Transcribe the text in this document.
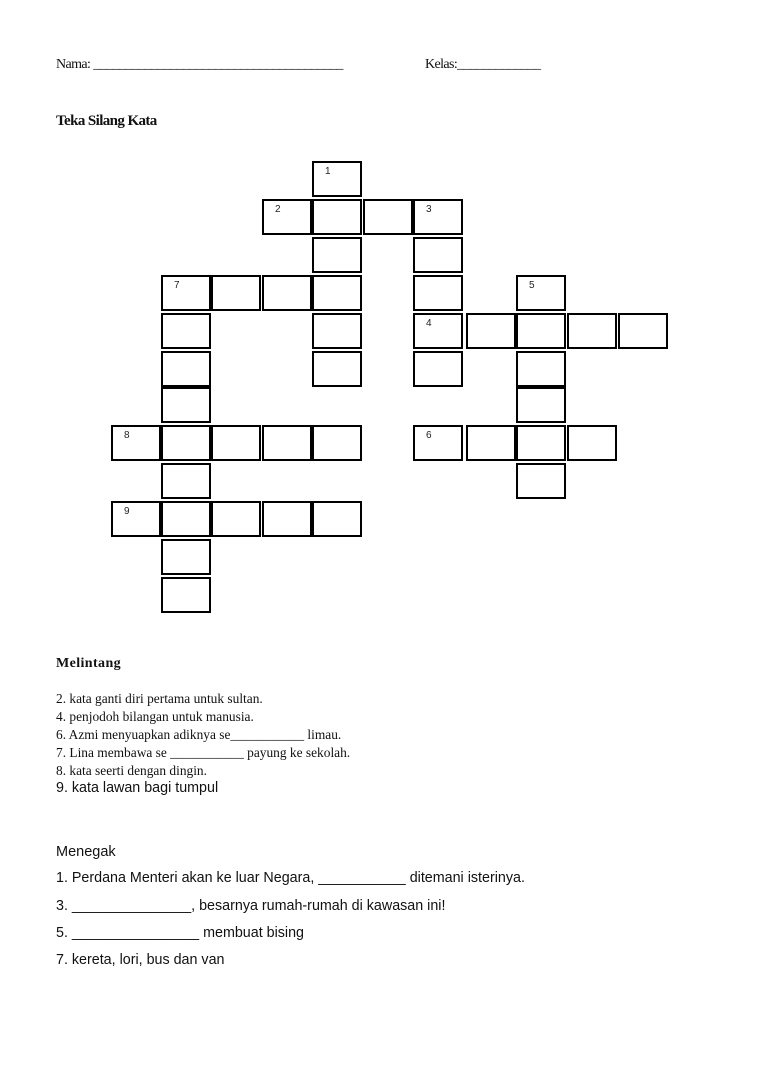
Nama: _______________________________________	Kelas:_____________
Teka Silang Kata
1
2	3
4
7	5
8	6
9
Melintang
2. kata ganti diri pertama untuk sultan.
4. penjodoh bilangan untuk manusia.
6. Azmi menyuapkan adiknya se___________ limau.
7. Lina membawa se ___________ payung ke sekolah.
8. kata seerti dengan dingin.
9. kata lawan bagi tumpul
Menegak
1. Perdana Menteri akan ke luar Negara, ___________ ditemani isterinya.
3. _______________, besarnya rumah-rumah di kawasan ini!
5. ________________ membuat bising
7. kereta, lori, bus dan van
